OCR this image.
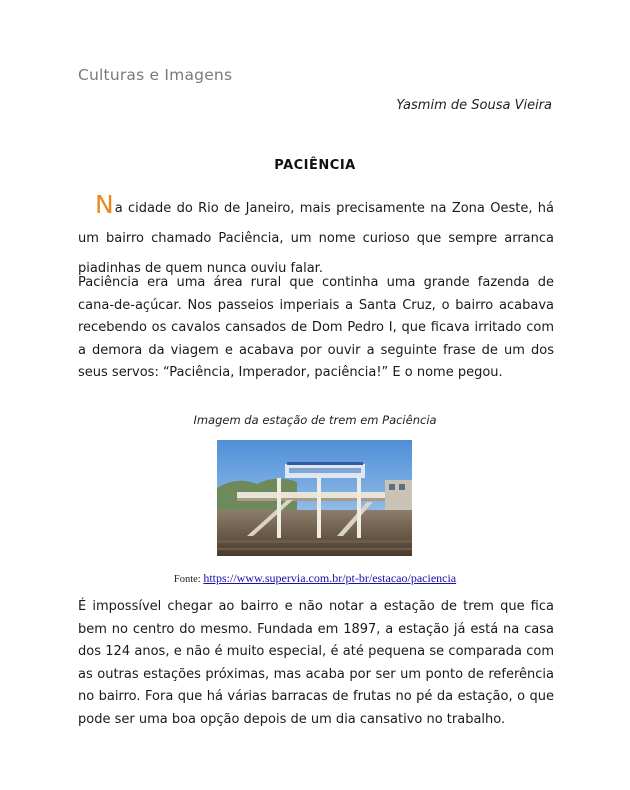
Culturas e Imagens
Yasmim de Sousa Vieira
PACIÊNCIA

Na cidade do Rio de Janeiro, mais precisamente na Zona Oeste, há um bairro chamado Paciência, um nome curioso que sempre arranca piadinhas de quem nunca ouviu falar.

Paciência era uma área rural que continha uma grande fazenda de cana-de-açúcar. Nos passeios imperiais a Santa Cruz, o bairro acabava recebendo os cavalos cansados de Dom Pedro I, que ficava irritado com a demora da viagem e acabava por ouvir a seguinte frase de um dos seus servos: “Paciência, Imperador, paciência!” E o nome pegou.

Imagem da estação de trem em Paciência
Fonte: https://www.supervia.com.br/pt-br/estacao/paciencia

É impossível chegar ao bairro e não notar a estação de trem que fica bem no centro do mesmo. Fundada em 1897, a estação já está na casa dos 124 anos, e não é muito especial, é até pequena se comparada com as outras estações próximas, mas acaba por ser um ponto de referência no bairro. Fora que há várias barracas de frutas no pé da estação, o que pode ser uma boa opção depois de um dia cansativo no trabalho.
